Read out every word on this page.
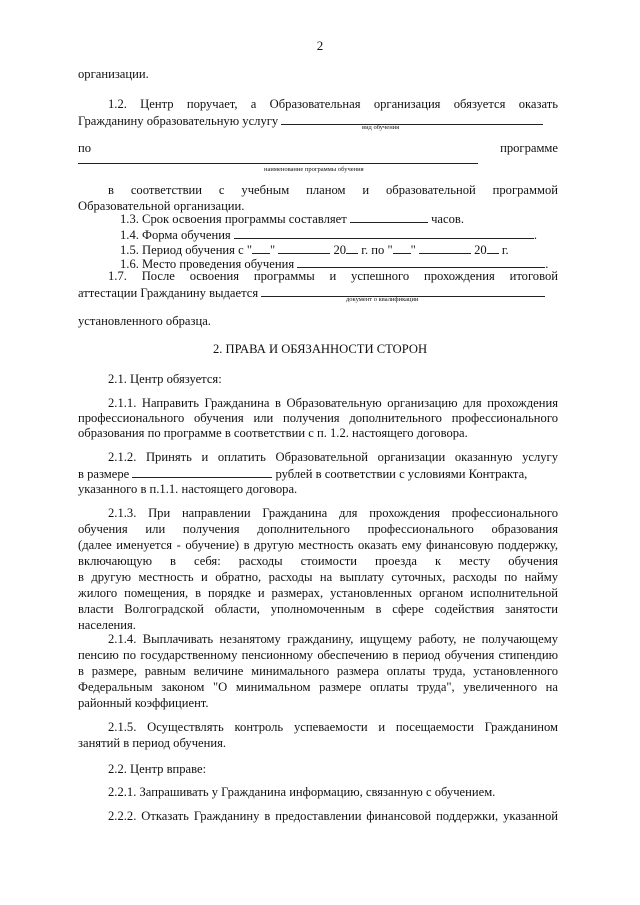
2
организации.
1.2. Центр поручает, а Образовательная организация обязуется оказать
Гражданину образовательную услугу	вид обучения
по	программе
наименование программы обучения
в соответствии с учебным планом и образовательной программой
Образовательной организации.
1.3. Срок освоения программы составляет	часов.
1.4. Форма обучения	.
1.5. Период обучения с " "	20 г. по " "	20 г.
1.6. Место проведения обучения	.
1.7. После освоения программы и успешного прохождения итоговой
аттестации Гражданину выдается	документ о квалификации
установленного образца.
2. ПРАВА И ОБЯЗАННОСТИ СТОРОН
2.1. Центр обязуется:
2.1.1. Направить Гражданина в Образовательную организацию для прохождения
профессионального обучения или получения дополнительного профессионального
образования по программе в соответствии с п. 1.2. настоящего договора.
2.1.2. Принять и оплатить Образовательной организации оказанную услугу
в размере	рублей в соответствии с условиями Контракта,
указанного в п.1.1. настоящего договора.
2.1.3. При направлении Гражданина для прохождения профессионального
обучения или получения дополнительного профессионального образования
(далее именуется - обучение) в другую местность оказать ему финансовую поддержку,
включающую в себя: расходы стоимости проезда к месту обучения
в другую местность и обратно, расходы на выплату суточных, расходы по найму
жилого помещения, в порядке и размерах, установленных органом исполнительной
власти Волгоградской области, уполномоченным в сфере содействия занятости
населения.
2.1.4. Выплачивать незанятому гражданину, ищущему работу, не получающему
пенсию по государственному пенсионному обеспечению в период обучения стипендию
в размере, равным величине минимального размера оплаты труда, установленного
Федеральным законом "О минимальном размере оплаты труда", увеличенного на
районный коэффициент.
2.1.5. Осуществлять контроль успеваемости и посещаемости Гражданином
занятий в период обучения.
2.2. Центр вправе:
2.2.1. Запрашивать у Гражданина информацию, связанную с обучением.
2.2.2. Отказать Гражданину в предоставлении финансовой поддержки, указанной
